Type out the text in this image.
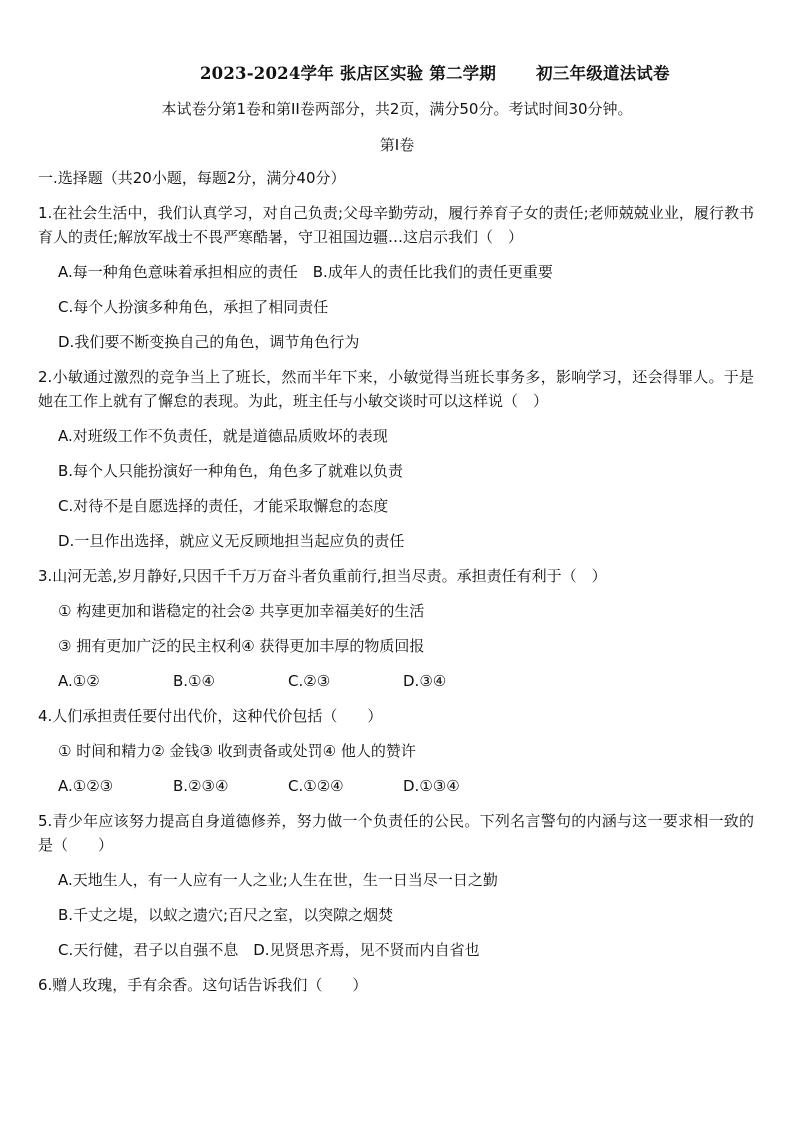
2023-2024学年 张店区实验 第二学期 初三年级道法试卷
本试卷分第1卷和第II卷两部分，共2页，满分50分。考试时间30分钟。
第I卷
一.选择题（共20小题，每题2分，满分40分）
1.在社会生活中，我们认真学习，对自己负责;父母辛勤劳动，履行养育子女的责任;老师兢兢业业，履行教书育人的责任;解放军战士不畏严寒酷暑，守卫祖国边疆…这启示我们（　）
A.每一种角色意味着承担相应的责任　B.成年人的责任比我们的责任更重要
C.每个人扮演多种角色，承担了相同责任
D.我们要不断变换自己的角色，调节角色行为
2.小敏通过激烈的竞争当上了班长，然而半年下来，小敏觉得当班长事务多，影响学习，还会得罪人。于是她在工作上就有了懈怠的表现。为此，班主任与小敏交谈时可以这样说（　）
A.对班级工作不负责任，就是道德品质败坏的表现
B.每个人只能扮演好一种角色，角色多了就难以负责
C.对待不是自愿选择的责任，才能采取懈怠的态度
D.一旦作出选择，就应义无反顾地担当起应负的责任
3.山河无恙,岁月静好,只因千千万万奋斗者负重前行,担当尽责。承担责任有利于（　）
① 构建更加和谐稳定的社会② 共享更加幸福美好的生活
③ 拥有更加广泛的民主权利④ 获得更加丰厚的物质回报
A.①②	B.①④	C.②③	D.③④
4.人们承担责任要付出代价，这种代价包括（　　）
① 时间和精力② 金钱③ 收到责备或处罚④ 他人的赞许
A.①②③	B.②③④	C.①②④	D.①③④
5.青少年应该努力提高自身道德修养，努力做一个负责任的公民。下列名言警句的内涵与这一要求相一致的是（　　）
A.天地生人，有一人应有一人之业;人生在世，生一日当尽一日之勤
B.千丈之堤，以蚁之遗穴;百尺之室，以突隙之烟焚
C.天行健，君子以自强不息　D.见贤思齐焉，见不贤而内自省也
6.赠人玫瑰，手有余香。这句话告诉我们（　　）
